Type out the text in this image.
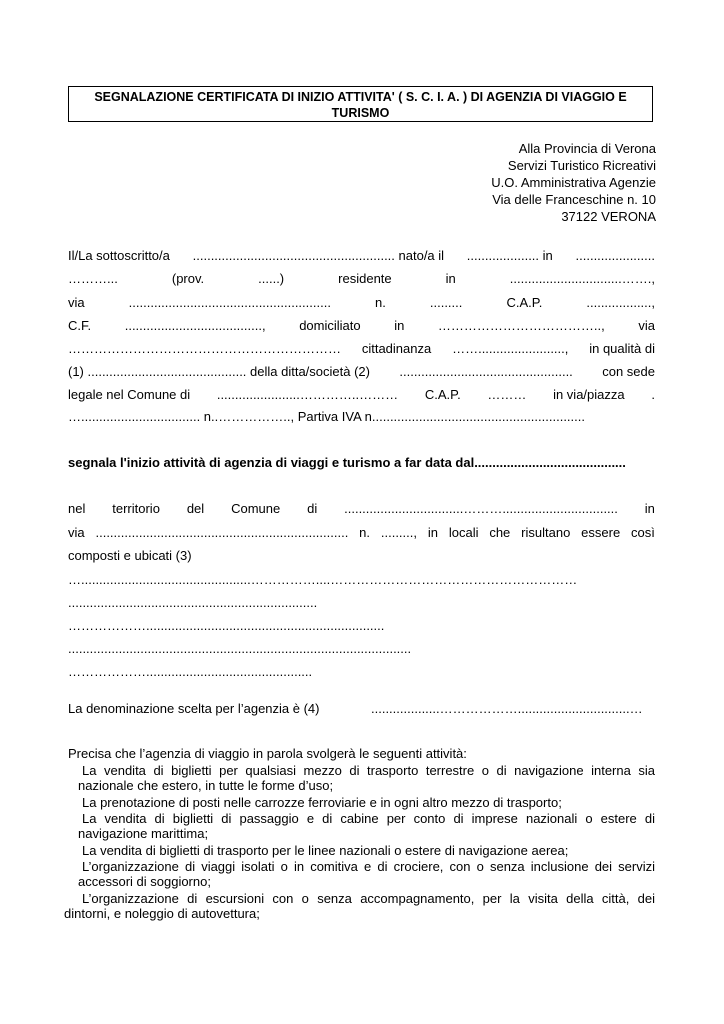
SEGNALAZIONE CERTIFICATA DI INIZIO ATTIVITA' ( S. C. I. A. ) DI AGENZIA DI VIAGGIO E
TURISMO
Alla Provincia di Verona
Servizi Turistico Ricreativi
U.O. Amministrativa Agenzie
Via delle Franceschine n. 10
37122 VERONA
Il/La sottoscritto/a ........................................................ nato/a il .................... in ......................
………...	(prov.	......)	residente	in	...............................…….,
via	........................................................	n.	.........	C.A.P.	..................,
C.F.	......................................,	domiciliato	in	………………………………..,	via
……………………………………………………… cittadinanza ……........................, in qualità di
(1) ............................................ della ditta/società (2) ................................................ con sede
legale nel Comune di .......................…………..……… C.A.P. ……… in via/piazza .
…................................. n..…………….., Partiva IVA n...........................................................
segnala l'inizio attività di agenzia di viaggi e turismo a far data dal..........................................
nel territorio del Comune di .................................………................................ in
via ...................................................................... n. ........., in locali che risultano essere così
composti e ubicati (3)
…...............................................……………....…………………………………………………
.....................................................................
………………..................................................................
...............................................................................................
………………..............................................
La denominazione scelta per l’agenzia è (4)	...................………………...............................…
Precisa che l’agenzia di viaggio in parola svolgerà le seguenti attività:
La vendita di biglietti per qualsiasi mezzo di trasporto terrestre o di navigazione interna sia
nazionale che estero, in tutte le forme d’uso;
La prenotazione di posti nelle carrozze ferroviarie e in ogni altro mezzo di trasporto;
La vendita di biglietti di passaggio e di cabine per conto di imprese nazionali o estere di
navigazione marittima;
La vendita di biglietti di trasporto per le linee nazionali o estere di navigazione aerea;
L’organizzazione di viaggi isolati o in comitiva e di crociere, con o senza inclusione dei servizi
accessori di soggiorno;
L’organizzazione di escursioni con o senza accompagnamento, per la visita della città, dei
dintorni, e noleggio di autovettura;
